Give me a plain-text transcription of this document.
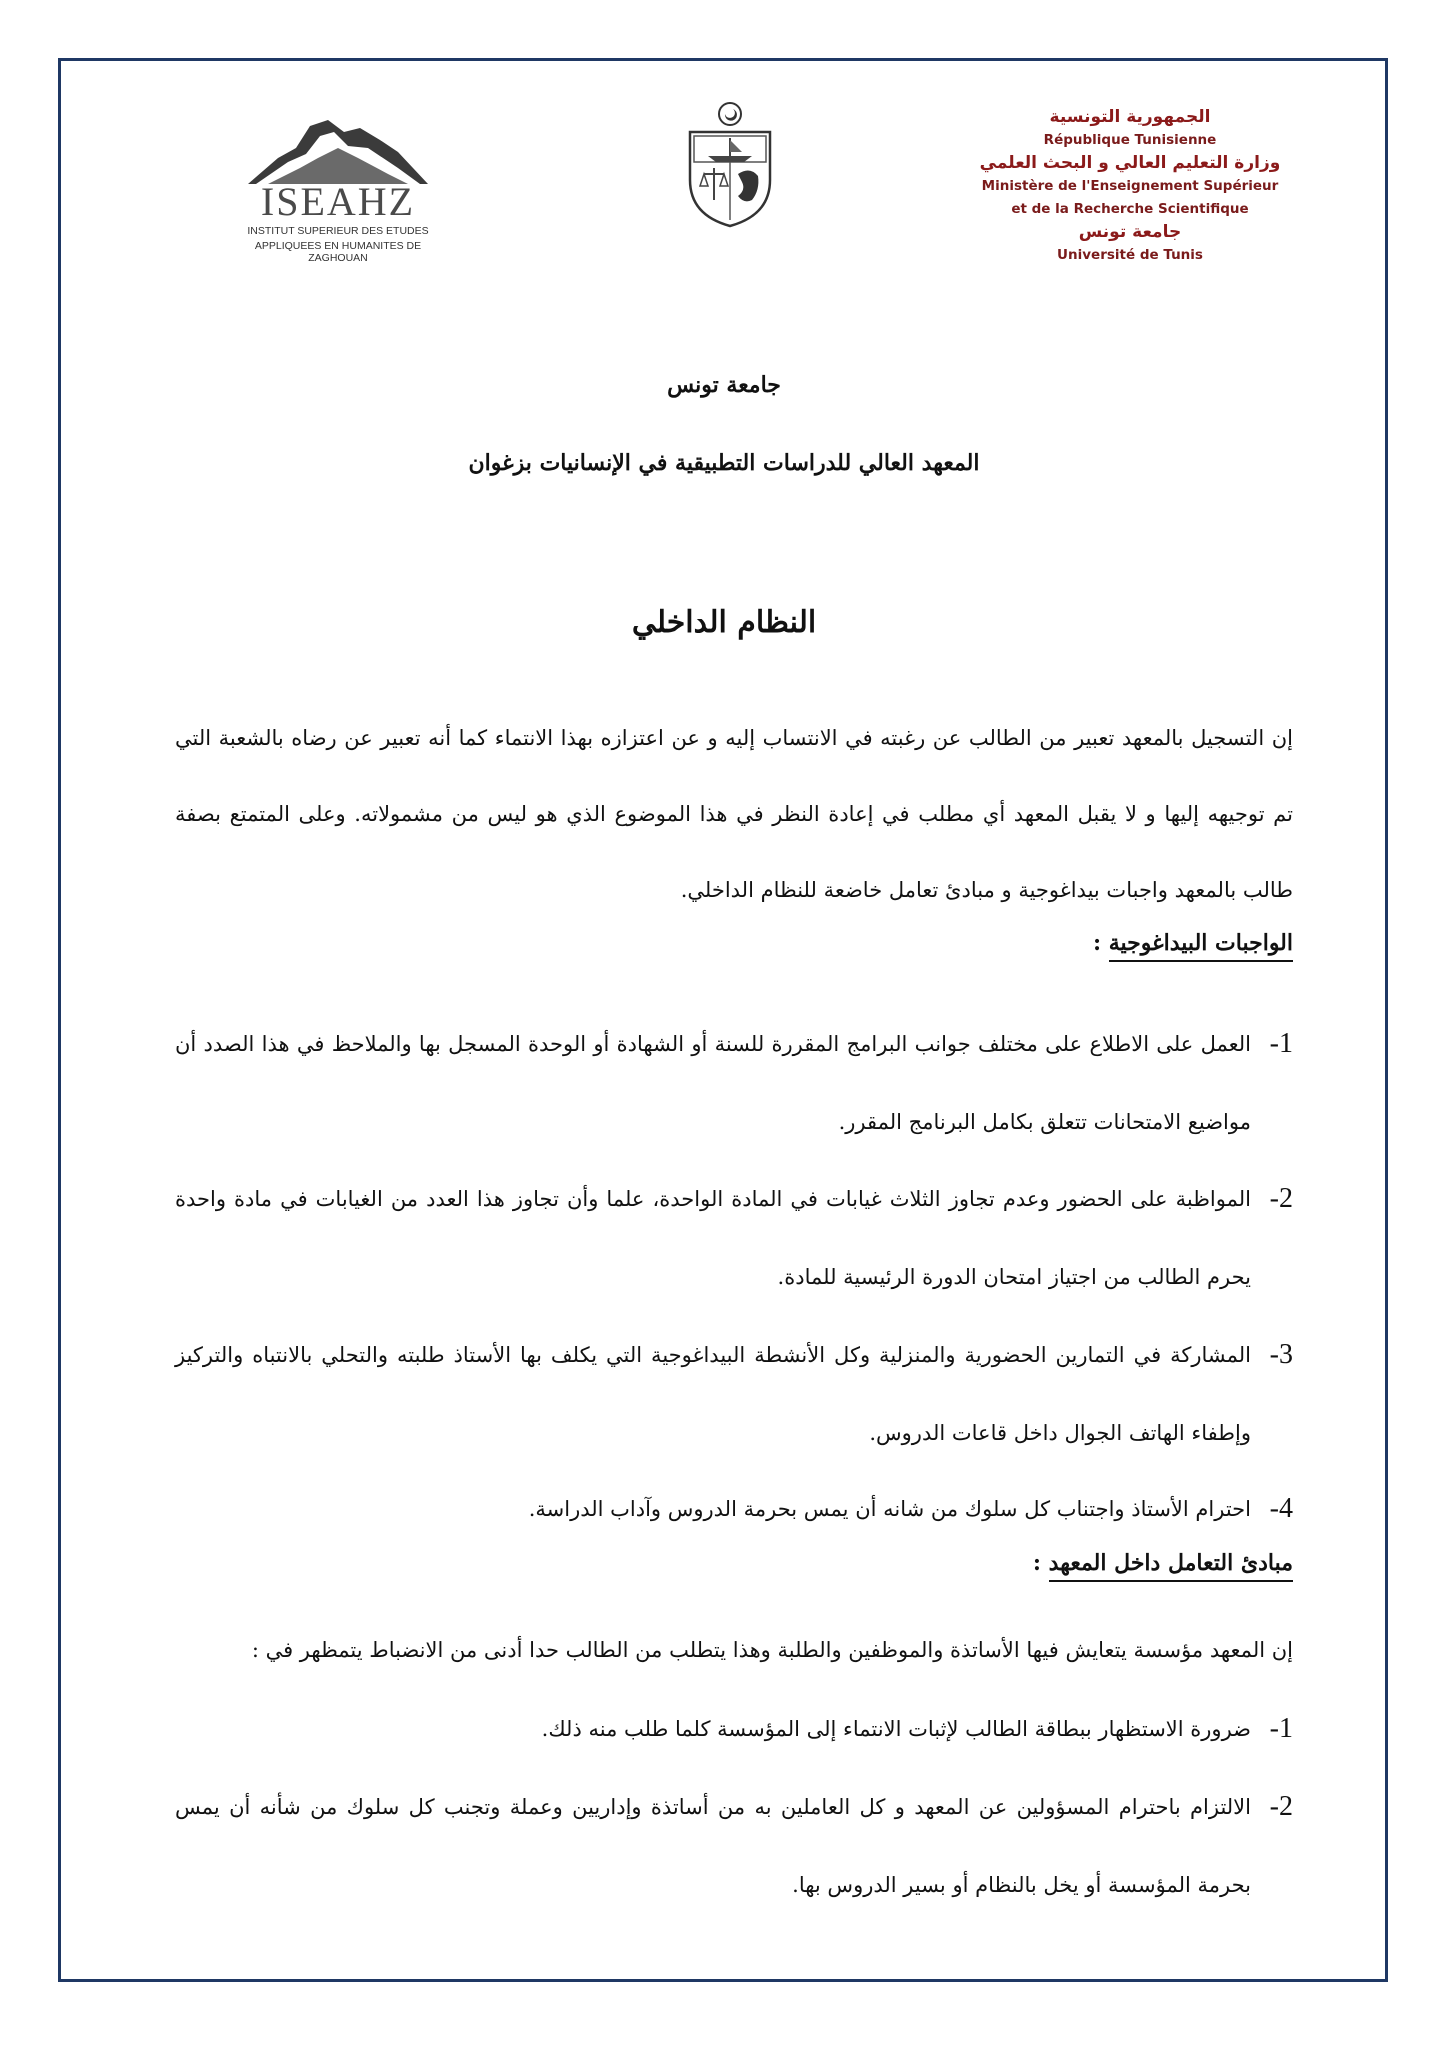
ISEAHZ
INSTITUT SUPERIEUR DES ETUDES
APPLIQUEES EN HUMANITES DE ZAGHOUAN
الجمهورية التونسية
République Tunisienne
وزارة التعليم العالي و البحث العلمي
Ministère de l'Enseignement Supérieur
et de la Recherche Scientifique
جامعة تونس
Université de Tunis
جامعة تونس
المعهد العالي للدراسات التطبيقية في الإنسانيات بزغوان
النظام الداخلي
إن التسجيل بالمعهد تعبير من الطالب عن رغبته في الانتساب إليه و عن اعتزازه بهذا الانتماء كما أنه تعبير عن رضاه بالشعبة التي تم توجيهه إليها و لا يقبل المعهد أي مطلب في إعادة النظر في هذا الموضوع الذي هو ليس من مشمولاته. وعلى المتمتع بصفة طالب بالمعهد واجبات بيداغوجية و مبادئ تعامل خاضعة للنظام الداخلي.
الواجبات البيداغوجية :
1-
العمل على الاطلاع على مختلف جوانب البرامج المقررة للسنة أو الشهادة أو الوحدة المسجل بها والملاحظ في هذا الصدد أن مواضيع الامتحانات تتعلق بكامل البرنامج المقرر.
2-
المواظبة على الحضور وعدم تجاوز الثلاث غيابات في المادة الواحدة، علما وأن تجاوز هذا العدد من الغيابات في مادة واحدة يحرم الطالب من اجتياز امتحان الدورة الرئيسية للمادة.
3-
المشاركة في التمارين الحضورية والمنزلية وكل الأنشطة البيداغوجية التي يكلف بها الأستاذ طلبته والتحلي بالانتباه والتركيز وإطفاء الهاتف الجوال داخل قاعات الدروس.
4-
احترام الأستاذ واجتناب كل سلوك من شانه أن يمس بحرمة الدروس وآداب الدراسة.
مبادئ التعامل داخل المعهد :
إن المعهد مؤسسة يتعايش فيها الأساتذة والموظفين والطلبة وهذا يتطلب من الطالب حدا أدنى من الانضباط يتمظهر في :
1-
ضرورة الاستظهار ببطاقة الطالب لإثبات الانتماء إلى المؤسسة كلما طلب منه ذلك.
2-
الالتزام باحترام المسؤولين عن المعهد و كل العاملين به من أساتذة وإداريين وعملة وتجنب كل سلوك من شأنه أن يمس بحرمة المؤسسة أو يخل بالنظام أو بسير الدروس بها.
